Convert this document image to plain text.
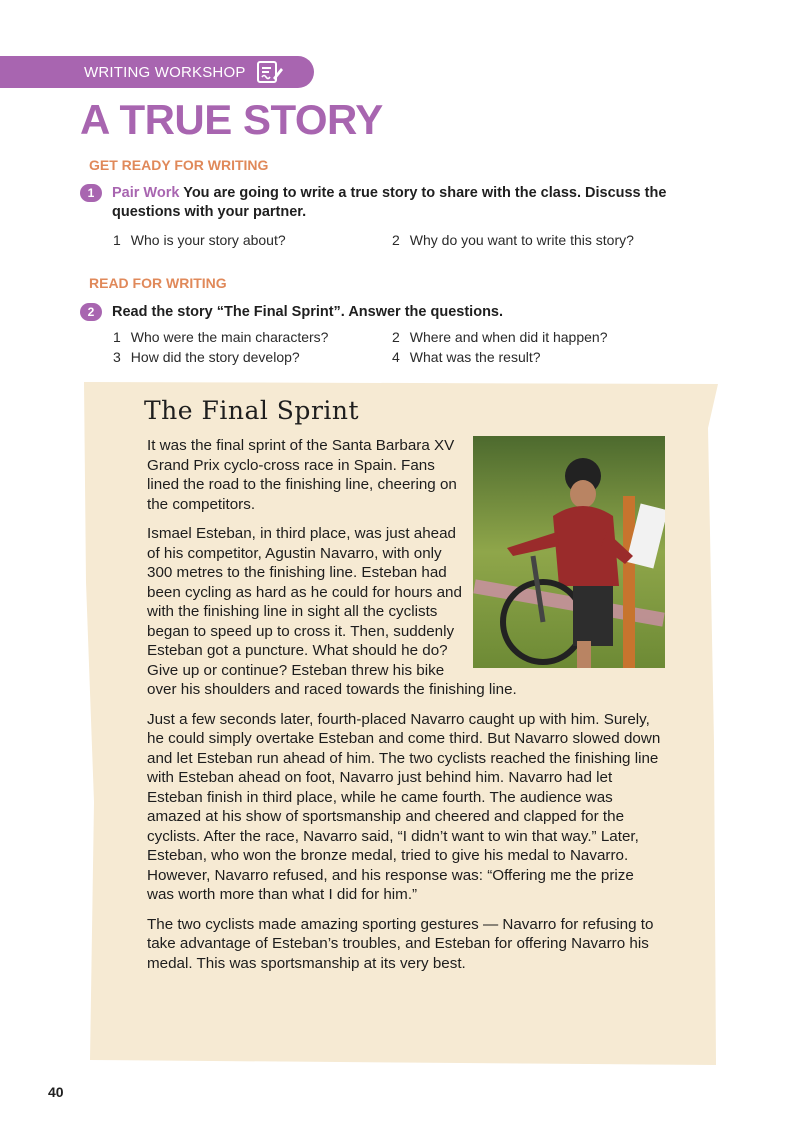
WRITING WORKSHOP
A TRUE STORY
GET READY FOR WRITING
1	Pair Work You are going to write a true story to share with the class. Discuss the questions with your partner.
1 Who is your story about?	2 Why do you want to write this story?
READ FOR WRITING
2	Read the story “The Final Sprint”. Answer the questions.
1 Who were the main characters?	2 Where and when did it happen?
3 How did the story develop?	4 What was the result?
The Final Sprint

It was the final sprint of the Santa Barbara XV Grand Prix cyclo-cross race in Spain. Fans lined the road to the finishing line, cheering on the competitors.

Ismael Esteban, in third place, was just ahead of his competitor, Agustin Navarro, with only 300 metres to the finishing line. Esteban had been cycling as hard as he could for hours and with the finishing line in sight all the cyclists began to speed up to cross it. Then, suddenly Esteban got a puncture. What should he do? Give up or continue? Esteban threw his bike over his shoulders and raced towards the finishing line.

Just a few seconds later, fourth-placed Navarro caught up with him. Surely, he could simply overtake Esteban and come third. But Navarro slowed down and let Esteban run ahead of him. The two cyclists reached the finishing line with Esteban ahead on foot, Navarro just behind him. Navarro had let Esteban finish in third place, while he came fourth. The audience was amazed at his show of sportsmanship and cheered and clapped for the cyclists. After the race, Navarro said, “I didn’t want to win that way.” Later, Esteban, who won the bronze medal, tried to give his medal to Navarro. However, Navarro refused, and his response was: “Offering me the prize was worth more than what I did for him.”

The two cyclists made amazing sporting gestures — Navarro for refusing to take advantage of Esteban’s troubles, and Esteban for offering Navarro his medal. This was sportsmanship at its very best.

40
